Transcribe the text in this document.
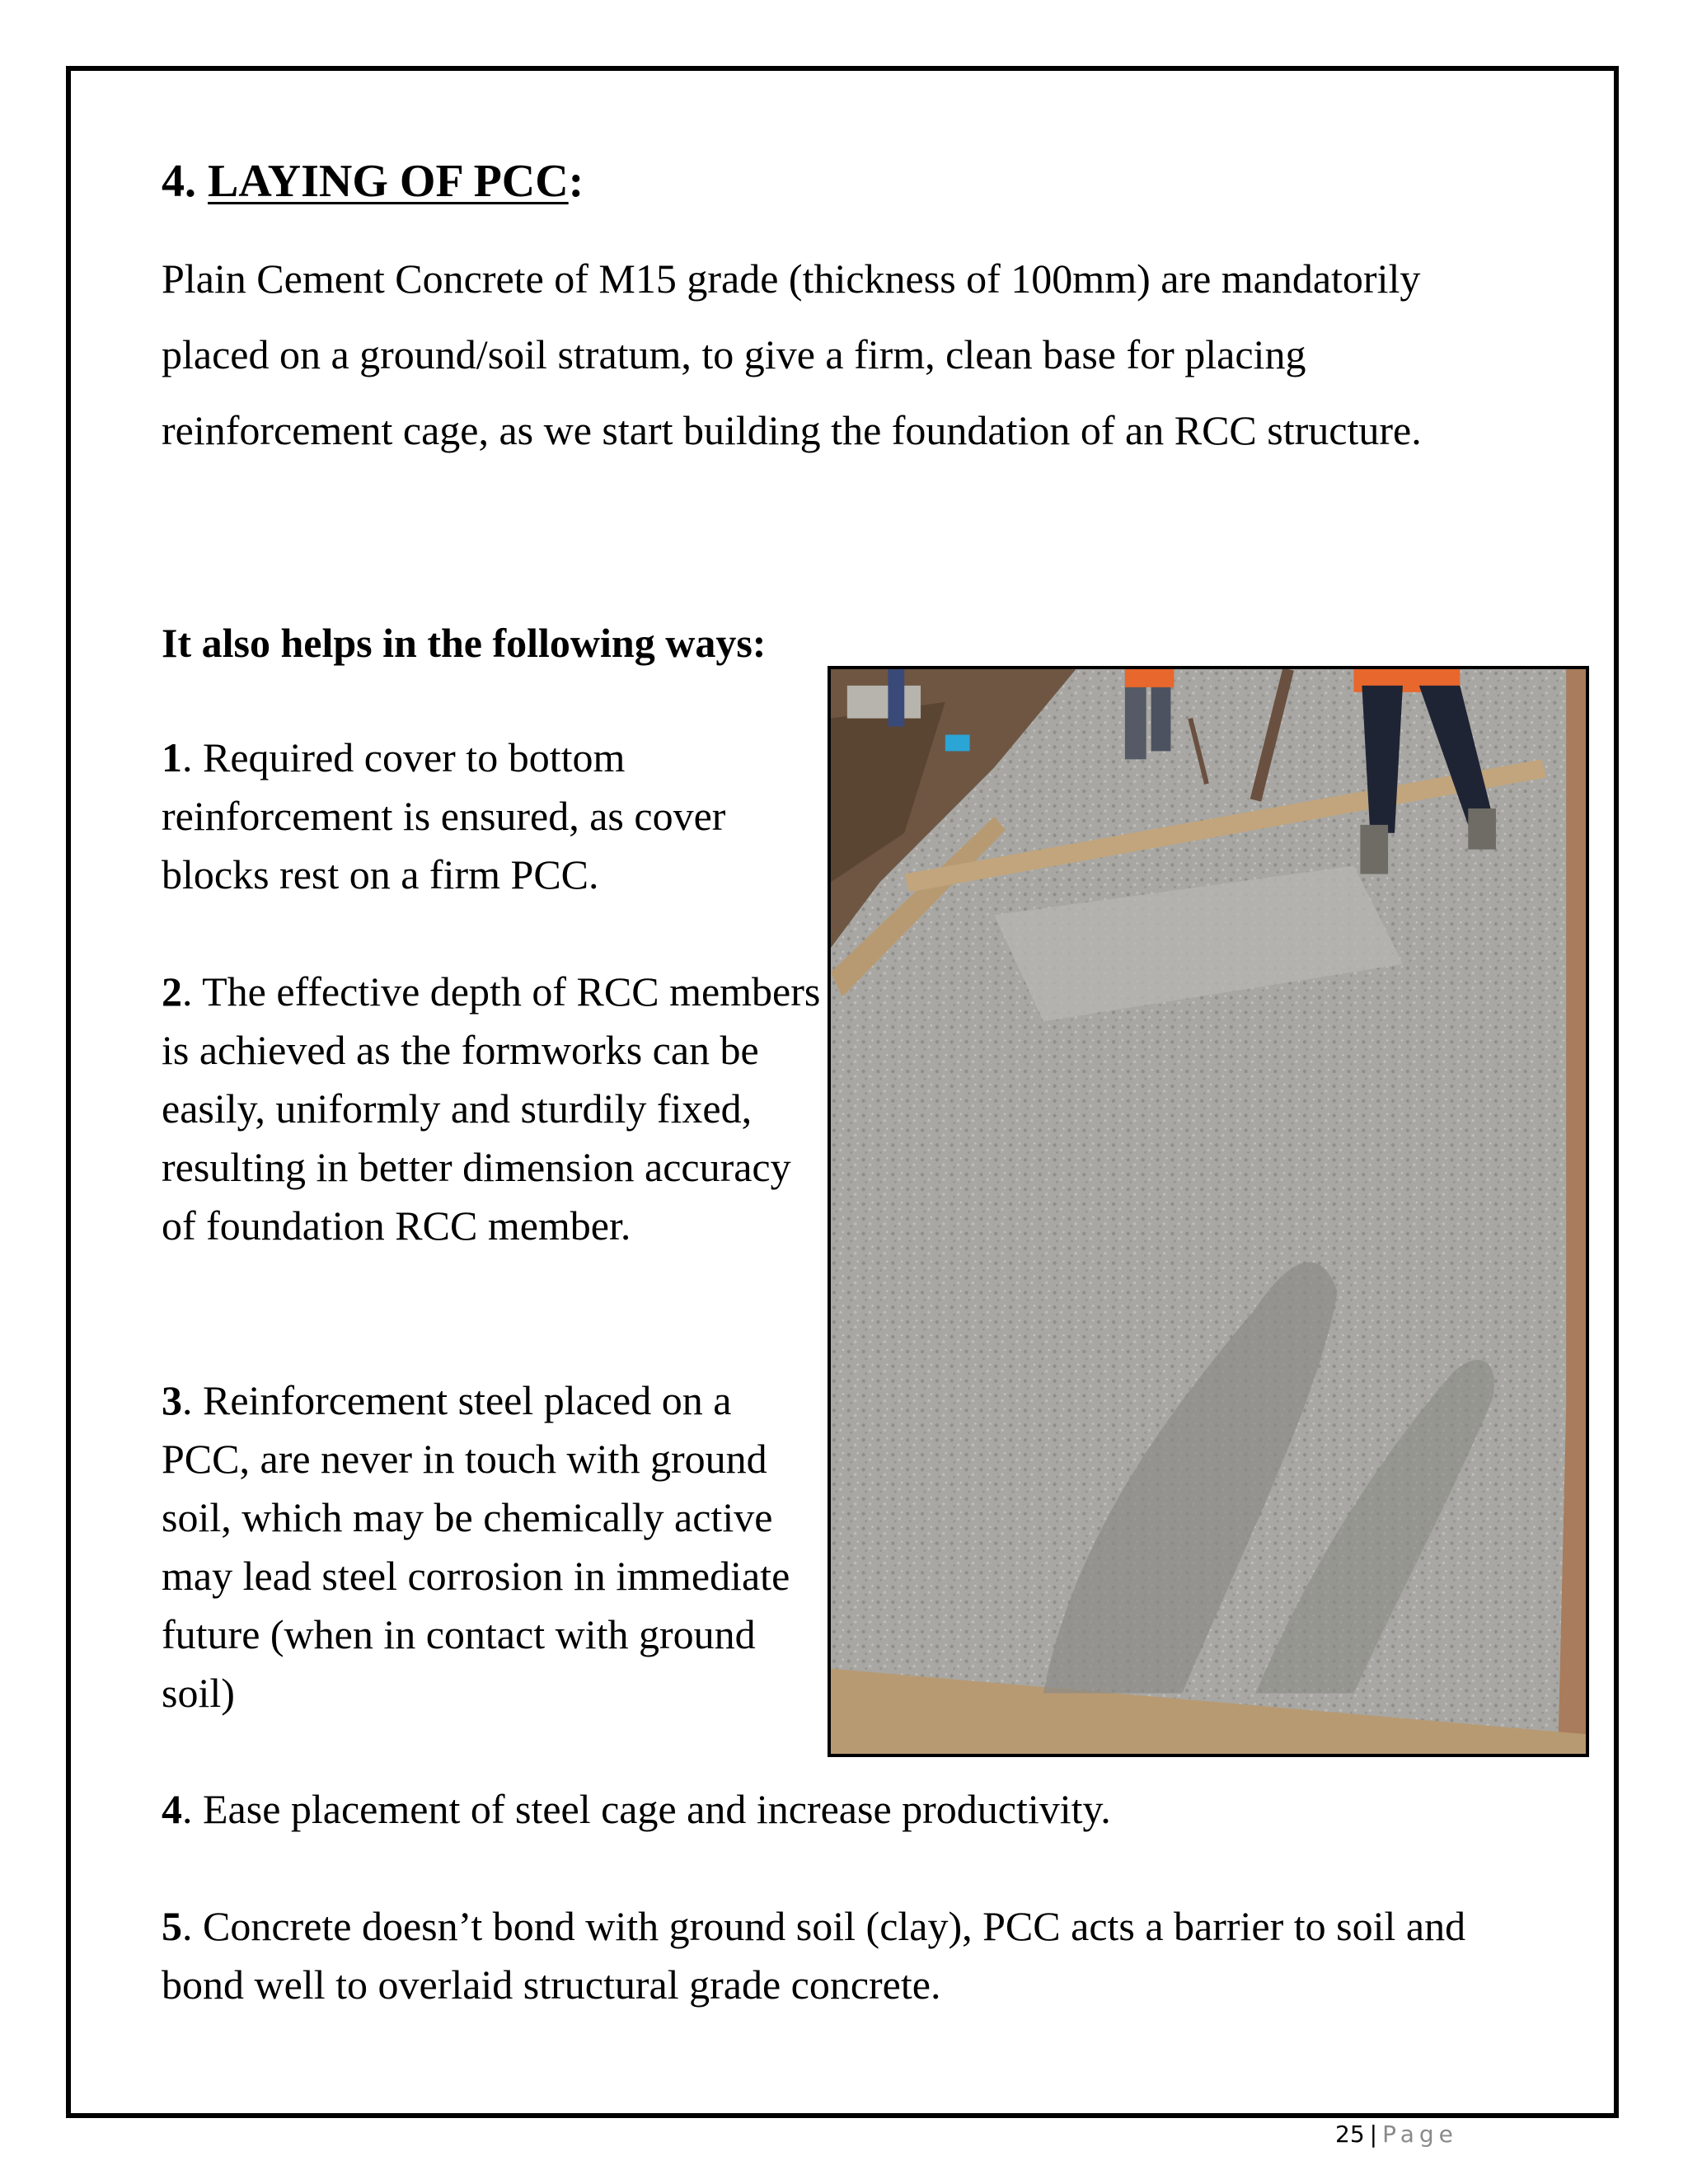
4. LAYING OF PCC:

Plain Cement Concrete of M15 grade (thickness of 100mm) are mandatorily placed on a ground/soil stratum, to give a firm, clean base for placing reinforcement cage, as we start building the foundation of an RCC structure.

It also helps in the following ways:

1. Required cover to bottom reinforcement is ensured, as cover blocks rest on a firm PCC.

2. The effective depth of RCC members is achieved as the formworks can be easily, uniformly and sturdily fixed, resulting in better dimension accuracy of foundation RCC member.

3. Reinforcement steel placed on a PCC, are never in touch with ground soil, which may be chemically active may lead steel corrosion in immediate future (when in contact with ground soil)

4. Ease placement of steel cage and increase productivity.

5. Concrete doesn’t bond with ground soil (clay), PCC acts a barrier to soil and bond well to overlaid structural grade concrete.

25 | Page
